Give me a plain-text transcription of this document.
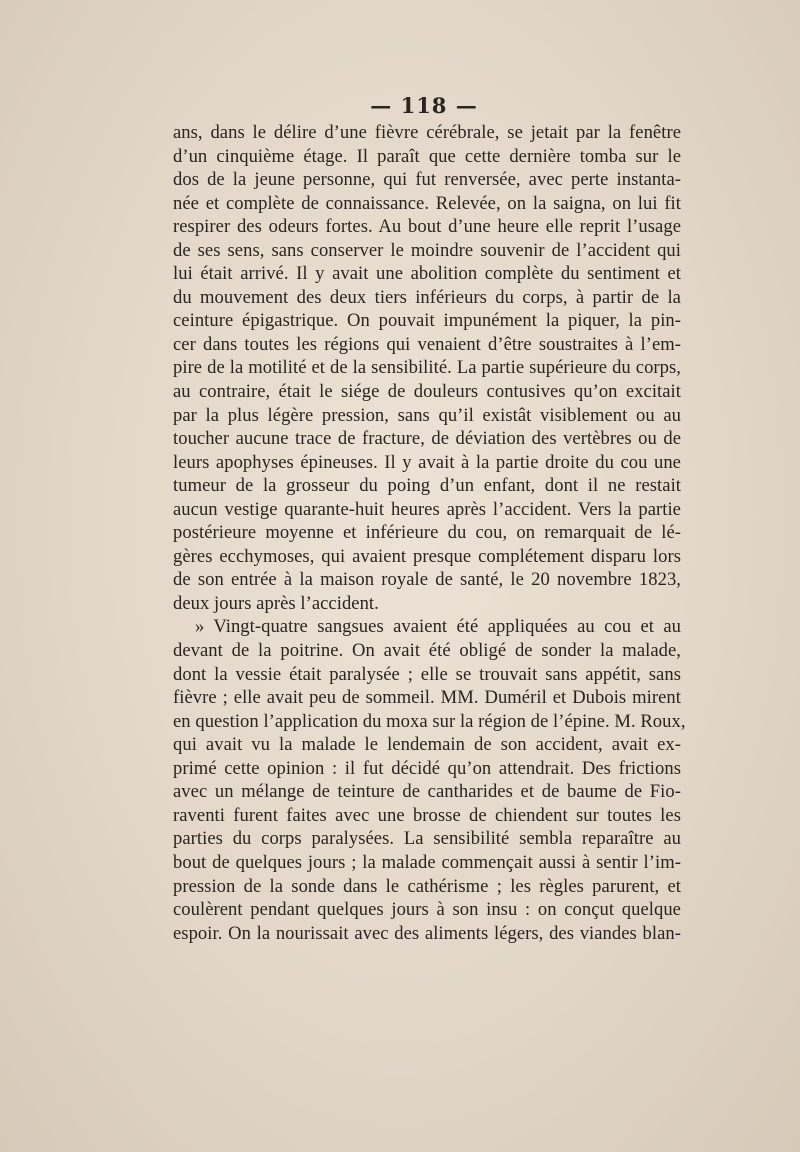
— 118 —
ans, dans le délire d’une fièvre cérébrale, se jetait par la fenêtre
d’un cinquième étage. Il paraît que cette dernière tomba sur le
dos de la jeune personne, qui fut renversée, avec perte instanta-
née et complète de connaissance. Relevée, on la saigna, on lui fit
respirer des odeurs fortes. Au bout d’une heure elle reprit l’usage
de ses sens, sans conserver le moindre souvenir de l’accident qui
lui était arrivé. Il y avait une abolition complète du sentiment et
du mouvement des deux tiers inférieurs du corps, à partir de la
ceinture épigastrique. On pouvait impunément la piquer, la pin-
cer dans toutes les régions qui venaient d’être soustraites à l’em-
pire de la motilité et de la sensibilité. La partie supérieure du corps,
au contraire, était le siége de douleurs contusives qu’on excitait
par la plus légère pression, sans qu’il existât visiblement ou au
toucher aucune trace de fracture, de déviation des vertèbres ou de
leurs apophyses épineuses. Il y avait à la partie droite du cou une
tumeur de la grosseur du poing d’un enfant, dont il ne restait
aucun vestige quarante-huit heures après l’accident. Vers la partie
postérieure moyenne et inférieure du cou, on remarquait de lé-
gères ecchymoses, qui avaient presque complétement disparu lors
de son entrée à la maison royale de santé, le 20 novembre 1823,
deux jours après l’accident.
» Vingt-quatre sangsues avaient été appliquées au cou et au
devant de la poitrine. On avait été obligé de sonder la malade,
dont la vessie était paralysée ; elle se trouvait sans appétit, sans
fièvre ; elle avait peu de sommeil. MM. Duméril et Dubois mirent
en question l’application du moxa sur la région de l’épine. M. Roux,
qui avait vu la malade le lendemain de son accident, avait ex-
primé cette opinion : il fut décidé qu’on attendrait. Des frictions
avec un mélange de teinture de cantharides et de baume de Fio-
raventi furent faites avec une brosse de chiendent sur toutes les
parties du corps paralysées. La sensibilité sembla reparaître au
bout de quelques jours ; la malade commençait aussi à sentir l’im-
pression de la sonde dans le cathérisme ; les règles parurent, et
coulèrent pendant quelques jours à son insu : on conçut quelque
espoir. On la nourissait avec des aliments légers, des viandes blan-
